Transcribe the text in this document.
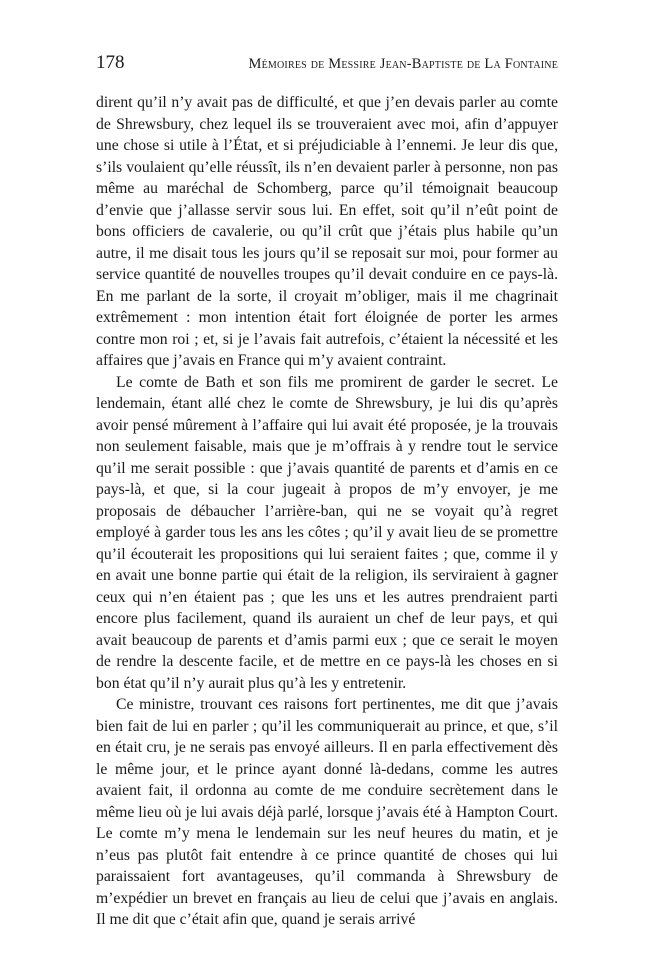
178	Mémoires de Messire Jean-Baptiste de La Fontaine

dirent qu’il n’y avait pas de difficulté, et que j’en devais parler au comte de Shrewsbury, chez lequel ils se trouveraient avec moi, afin d’appuyer une chose si utile à l’État, et si préjudiciable à l’ennemi. Je leur dis que, s’ils voulaient qu’elle réussît, ils n’en devaient parler à personne, non pas même au maréchal de Schomberg, parce qu’il témoignait beaucoup d’envie que j’allasse servir sous lui. En effet, soit qu’il n’eût point de bons officiers de cavalerie, ou qu’il crût que j’étais plus habile qu’un autre, il me disait tous les jours qu’il se reposait sur moi, pour former au service quantité de nouvelles troupes qu’il devait conduire en ce pays-là. En me parlant de la sorte, il croyait m’obliger, mais il me chagrinait extrêmement : mon intention était fort éloignée de porter les armes contre mon roi ; et, si je l’avais fait autrefois, c’étaient la nécessité et les affaires que j’avais en France qui m’y avaient contraint.

Le comte de Bath et son fils me promirent de garder le secret. Le lendemain, étant allé chez le comte de Shrewsbury, je lui dis qu’après avoir pensé mûrement à l’affaire qui lui avait été proposée, je la trouvais non seulement faisable, mais que je m’offrais à y rendre tout le service qu’il me serait possible : que j’avais quantité de parents et d’amis en ce pays-là, et que, si la cour jugeait à propos de m’y envoyer, je me proposais de débaucher l’arrière-ban, qui ne se voyait qu’à regret employé à garder tous les ans les côtes ; qu’il y avait lieu de se promettre qu’il écouterait les propositions qui lui seraient faites ; que, comme il y en avait une bonne partie qui était de la religion, ils serviraient à gagner ceux qui n’en étaient pas ; que les uns et les autres prendraient parti encore plus facilement, quand ils auraient un chef de leur pays, et qui avait beaucoup de parents et d’amis parmi eux ; que ce serait le moyen de rendre la descente facile, et de mettre en ce pays-là les choses en si bon état qu’il n’y aurait plus qu’à les y entretenir.

Ce ministre, trouvant ces raisons fort pertinentes, me dit que j’avais bien fait de lui en parler ; qu’il les communiquerait au prince, et que, s’il en était cru, je ne serais pas envoyé ailleurs. Il en parla effectivement dès le même jour, et le prince ayant donné là-dedans, comme les autres avaient fait, il ordonna au comte de me conduire secrètement dans le même lieu où je lui avais déjà parlé, lorsque j’avais été à Hampton Court. Le comte m’y mena le lendemain sur les neuf heures du matin, et je n’eus pas plutôt fait entendre à ce prince quantité de choses qui lui paraissaient fort avantageuses, qu’il commanda à Shrewsbury de m’expédier un brevet en français au lieu de celui que j’avais en anglais. Il me dit que c’était afin que, quand je serais arrivé
